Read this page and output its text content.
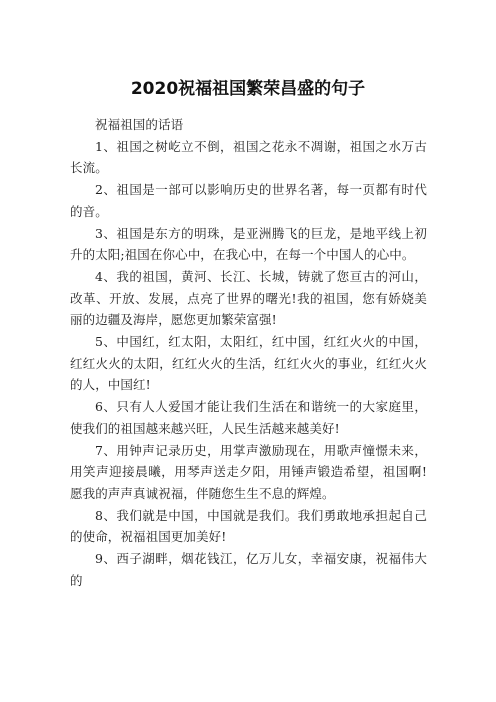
2020祝福祖国繁荣昌盛的句子

祝福祖国的话语

1、祖国之树屹立不倒，祖国之花永不凋谢，祖国之水万古长流。

2、祖国是一部可以影响历史的世界名著，每一页都有时代的音。

3、祖国是东方的明珠，是亚洲腾飞的巨龙，是地平线上初升的太阳;祖国在你心中，在我心中，在每一个中国人的心中。

4、我的祖国，黄河、长江、长城，铸就了您亘古的河山，改革、开放、发展，点亮了世界的曙光!我的祖国，您有娇娆美丽的边疆及海岸，愿您更加繁荣富强!

5、中国红，红太阳，太阳红，红中国，红红火火的中国，红红火火的太阳，红红火火的生活，红红火火的事业，红红火火的人，中国红!

6、只有人人爱国才能让我们生活在和谐统一的大家庭里，使我们的祖国越来越兴旺，人民生活越来越美好!

7、用钟声记录历史，用掌声激励现在，用歌声憧憬未来，用笑声迎接晨曦，用琴声送走夕阳，用锤声锻造希望，祖国啊!愿我的声声真诚祝福，伴随您生生不息的辉煌。

8、我们就是中国，中国就是我们。我们勇敢地承担起自己的使命，祝福祖国更加美好!

9、西子湖畔，烟花钱江，亿万儿女，幸福安康，祝福伟大的
